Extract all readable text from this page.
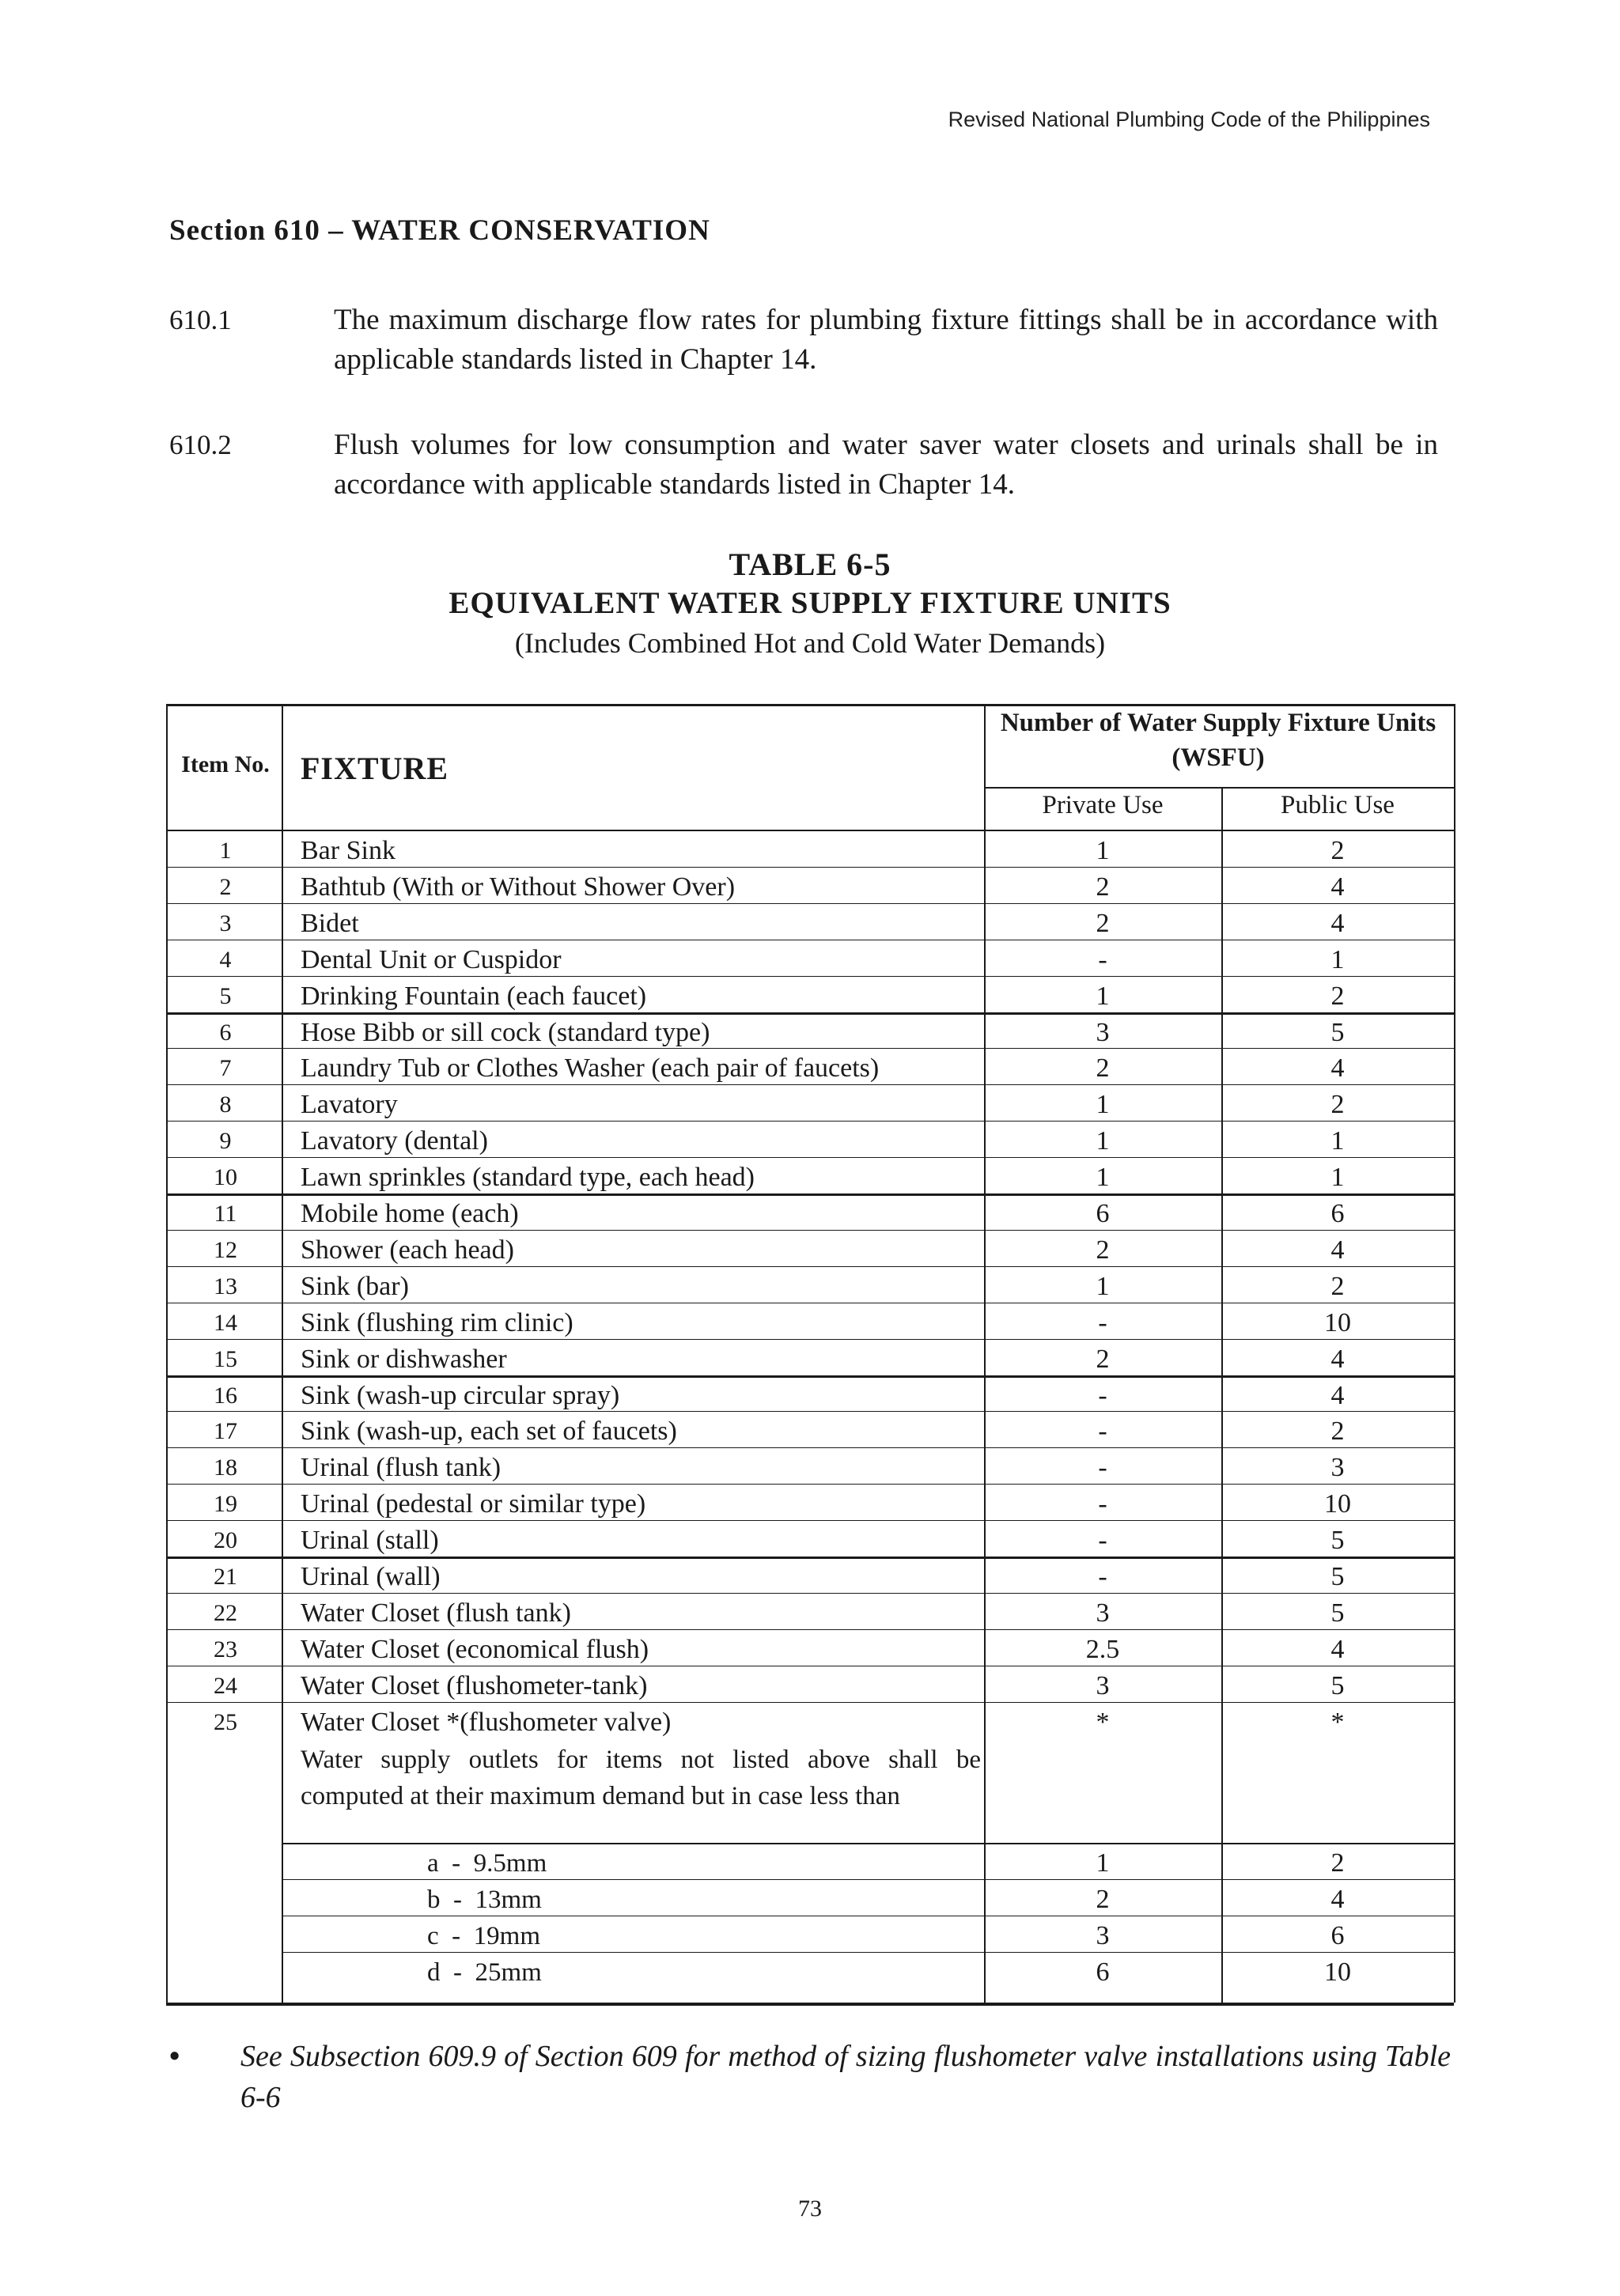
Revised National Plumbing Code of the Philippines
Section 610 – WATER CONSERVATION
610.1	The maximum discharge flow rates for plumbing fixture fittings shall be in accordance with applicable standards listed in Chapter 14.
610.2	Flush volumes for low consumption and water saver water closets and urinals shall be in accordance with applicable standards listed in Chapter 14.
TABLE 6-5
EQUIVALENT WATER SUPPLY FIXTURE UNITS
(Includes Combined Hot and Cold Water Demands)
Item No. FIXTURE
Number of Water Supply Fixture Units (WSFU)
Private Use	Public Use
1	Bar Sink	1	2
2	Bathtub (With or Without Shower Over)	2	4
3	Bidet	2	4
4	Dental Unit or Cuspidor	-	1
5	Drinking Fountain (each faucet)	1	2
6	Hose Bibb or sill cock (standard type)	3	5
7	Laundry Tub or Clothes Washer (each pair of faucets)	2	4
8	Lavatory	1	2
9	Lavatory (dental)	1	1
10	Lawn sprinkles (standard type, each head)	1	1
11	Mobile home (each)	6	6
12	Shower (each head)	2	4
13	Sink (bar)	1	2
14	Sink (flushing rim clinic)	-	10
15	Sink or dishwasher	2	4
16	Sink (wash-up circular spray)	-	4
17	Sink (wash-up, each set of faucets)	-	2
18	Urinal (flush tank)	-	3
19	Urinal (pedestal or similar type)	-	10
20	Urinal (stall)	-	5
21	Urinal (wall)	-	5
22	Water Closet (flush tank)	3	5
23	Water Closet (economical flush)	2.5	4
24	Water Closet (flushometer-tank)	3	5
25	Water Closet *(flushometer valve)	*	*
Water supply outlets for items not listed above shall be computed at their maximum demand but in case less than
a  -  9.5mm	1	2
b  -  13mm	2	4
c  -  19mm	3	6
d  -  25mm	6	10
• See Subsection 609.9 of Section 609 for method of sizing flushometer valve installations using Table 6-6
73
